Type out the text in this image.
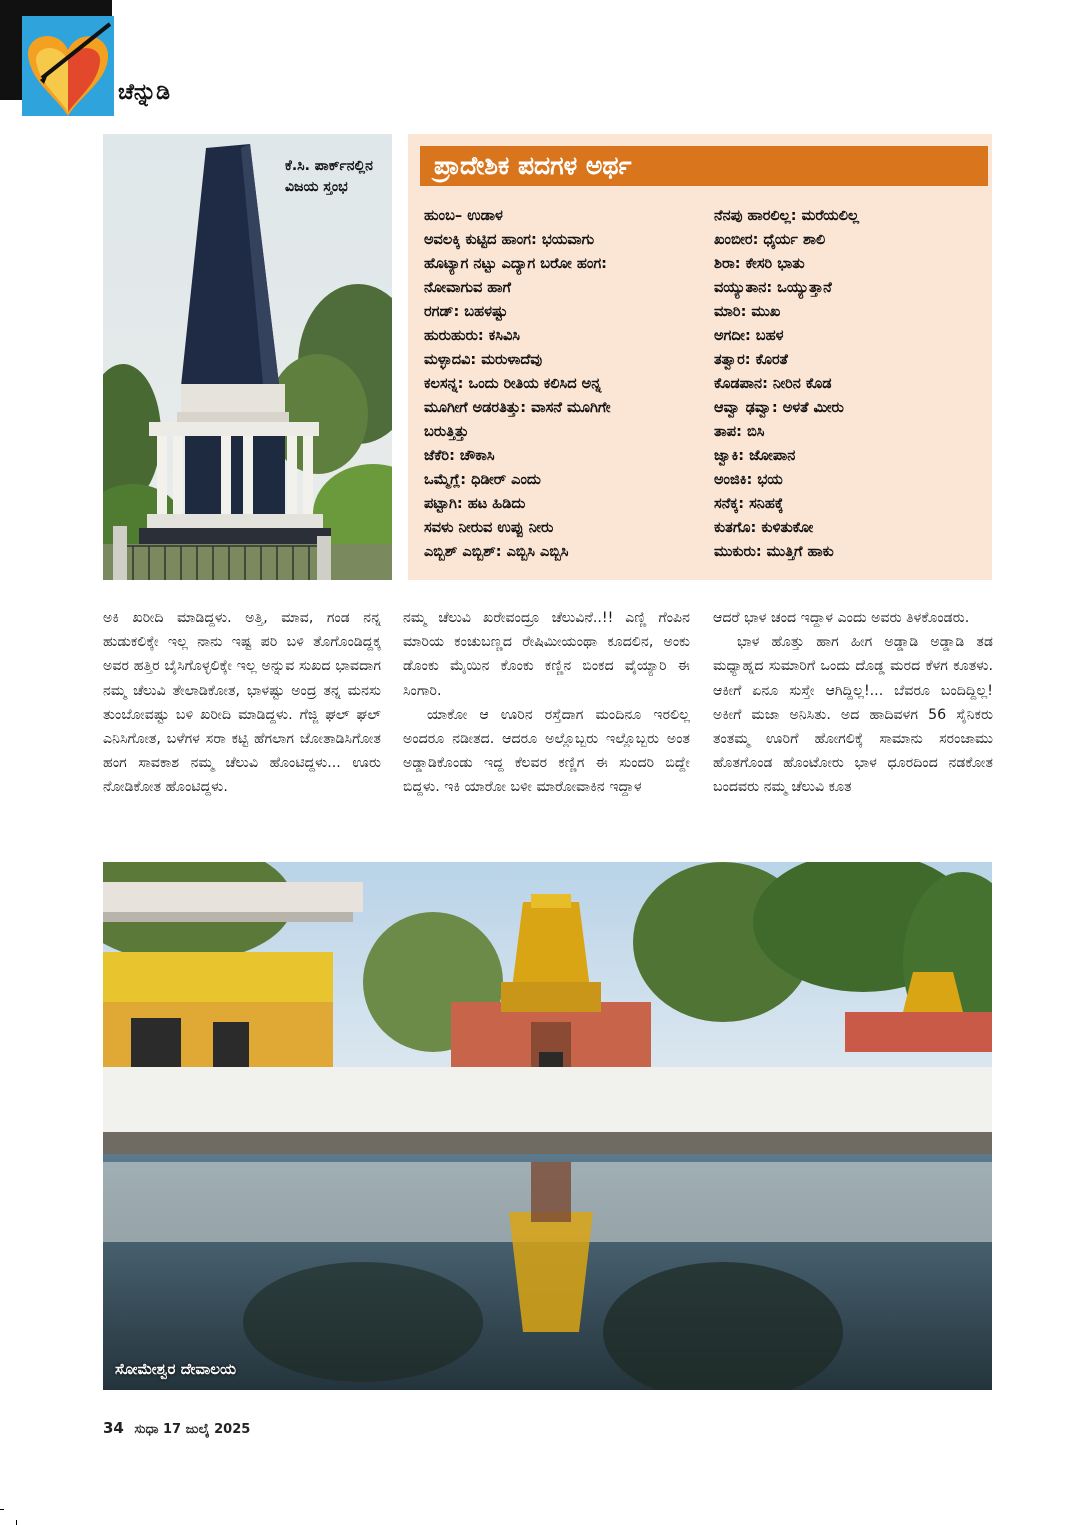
ಚೆನ್ನುಡಿ
ಕೆ.ಸಿ. ಪಾರ್ಕ್‌ನಲ್ಲಿನ
ವಿಜಯ ಸ್ತಂಭ
ಪ್ರಾದೇಶಿಕ ಪದಗಳ ಅರ್ಥ
ಹುಂಬ– ಉಡಾಳ
ಅವಲಕ್ಕಿ ಕುಟ್ಟಿದ ಹಾಂಗ: ಭಯವಾಗು
ಹೊಟ್ಯಾಗ ನಟ್ಟು ಎದ್ಯಾಗ ಬರೋ ಹಂಗ:
ನೋವಾಗುವ ಹಾಗೆ
ರಗಡ್: ಬಹಳಷ್ಟು
ಹುರುಹುರು: ಕಸಿವಿಸಿ
ಮಳ್ಳಾದವಿ: ಮರುಳಾದೆವು
ಕಲಸನ್ನ: ಒಂದು ರೀತಿಯ ಕಲಿಸಿದ ಅನ್ನ
ಮೂಗೀಗೆ ಅಡರತಿತ್ತು: ವಾಸನೆ ಮೂಗಿಗೇ
ಬರುತ್ತಿತ್ತು
ಜೆಕೆರಿ: ಚೌಕಾಸಿ
ಒಮ್ಮೆಗ್ಲೆ: ಧಿಡೀರ್ ಎಂದು
ಪಟ್ಟಾಗಿ: ಹಟ ಹಿಡಿದು
ಸವಳು ನೀರುವ ಉಪ್ಪು ನೀರು
ಎಬ್ಬಿಶ್ ಎಬ್ಬಿಶ್: ಎಬ್ಬಿಸಿ ಎಬ್ಬಿಸಿ
ನೆನಪು ಹಾರಲಿಲ್ಲ: ಮರೆಯಲಿಲ್ಲ
ಖಂಬೀರ: ಧೈರ್ಯ ಶಾಲಿ
ಶಿರಾ: ಕೇಸರಿ ಭಾತು
ವಯ್ಯುತಾನ: ಒಯ್ಯುತ್ತಾನೆ
ಮಾರಿ: ಮುಖ
ಅಗದೀ: ಬಹಳ
ತತ್ವಾರ: ಕೊರತೆ
ಕೊಡಪಾನ: ನೀರಿನ ಕೊಡ
ಆವ್ವಾ ಢವ್ವಾ: ಅಳತೆ ಮೀರು
ತಾಪ: ಬಿಸಿ
ಜ್ವಾಕಿ: ಜೋಪಾನ
ಅಂಜಿಕಿ: ಭಯ
ಸನೆಕ್ಕ: ಸನಿಹಕ್ಕೆ
ಕುತಗೊ: ಕುಳಿತುಕೋ
ಮುಕುರು: ಮುತ್ತಿಗೆ ಹಾಕು

ಅಕಿ ಖರೀದಿ ಮಾಡಿದ್ದಳು. ಅತ್ತಿ, ಮಾವ, ಗಂಡ ನನ್ನ ಹುಡುಕಲಿಕ್ಕೇ ಇಲ್ಲ ನಾನು ಇಷ್ಟ ಪರಿ ಬಳಿ ತೊಗೊಂಡಿದ್ದಕ್ಕ ಅವರ ಹತ್ತಿರ ಬೈಸಿಗೊಳ್ಳಲಿಕ್ಕೇ ಇಲ್ಲ ಅನ್ನುವ ಸುಖದ ಭಾವದಾಗ ನಮ್ಮ ಚೆಲುವಿ ತೇಲಾಡಿಕೋತ, ಭಾಳಷ್ಟು ಅಂದ್ರ ತನ್ನ ಮನಸು ತುಂಬೋವಷ್ಟು ಬಳಿ ಖರೀದಿ ಮಾಡಿದ್ದಳು. ಗೆಜ್ಜಿ ಘಲ್ ಘಲ್ ಎನಿಸಿಗೋತ, ಬಳೆಗಳ ಸರಾ ಕಟ್ಟಿ ಹೆಗಲಾಗ ಜೋತಾಡಿಸಿಗೋತ ಹಂಗ ಸಾವಕಾಶ ನಮ್ಮ ಚೆಲುವಿ ಹೊಂಟಿದ್ದಳು... ಊರು ನೋಡಿಕೋತ ಹೊಂಟಿದ್ದಳು.

ನಮ್ಮ ಚೆಲುವಿ ಖರೇವಂದ್ರೂ ಚೆಲುವಿನೆ..!! ಎಣ್ಣಿ ಗೆಂಪಿನ ಮಾರಿಯ ಕಂಚುಬಣ್ಣದ ರೇಷಿಮೀಯಂಥಾ ಕೂದಲಿನ, ಅಂಕು ಡೊಂಕು ಮೈಯಿನ ಕೊಂಕು ಕಣ್ಣಿನ ಬಿಂಕದ ವೈಯ್ಯಾರಿ ಈ ಸಿಂಗಾರಿ.

ಯಾಕೋ ಆ ಊರಿನ ರಸ್ತೆದಾಗ ಮಂದಿನೂ ಇರಲಿಲ್ಲ ಅಂದರೂ ನಡೀತದ. ಆದರೂ ಅಲ್ಲೊಬ್ಬರು ಇಲ್ಲೊಬ್ಬರು ಅಂತ ಅಡ್ಡಾಡಿಕೊಂಡು ಇದ್ದ ಕೆಲವರ ಕಣ್ಣಿಗ ಈ ಸುಂದರಿ ಬಿದ್ದೇ ಬಿದ್ದಳು. ಇಕಿ ಯಾರೋ ಬಳೀ ಮಾರೋವಾಕಿನ ಇದ್ದಾಳ

ಆದರೆ ಭಾಳ ಚಂದ ಇದ್ದಾಳ ಎಂದು ಅವರು ತಿಳಕೊಂಡರು.

ಭಾಳ ಹೊತ್ತು ಹಾಗ ಹೀಗ ಅಡ್ಡಾಡಿ ಅಡ್ಡಾಡಿ ತಡ ಮಧ್ಯಾಹ್ನದ ಸುಮಾರಿಗೆ ಒಂದು ದೊಡ್ಡ ಮರದ ಕೆಳಗ ಕೂತಳು. ಆಕೀಗೆ ಏನೂ ಸುಸ್ತೇ ಆಗಿದ್ದಿಲ್ಲ!... ಬೆವರೂ ಬಂದಿದ್ದಿಲ್ಲ! ಅಕೀಗೆ ಮಜಾ ಅನಿಸಿತು. ಅದ ಹಾದಿವಳಗ 56 ಸೈನಿಕರು ತಂತಮ್ಮ ಊರಿಗೆ ಹೋಗಲಿಕ್ಕೆ ಸಾಮಾನು ಸರಂಜಾಮು ಹೊತಗೊಂಡ ಹೊಂಟೋರು ಭಾಳ ಧೂರದಿಂದ ನಡಕೋತ ಬಂದವರು ನಮ್ಮ ಚೆಲುವಿ ಕೂತ

ಸೋಮೇಶ್ವರ ದೇವಾಲಯ
34 ಸುಧಾ 17 ಜುಲೈ 2025
